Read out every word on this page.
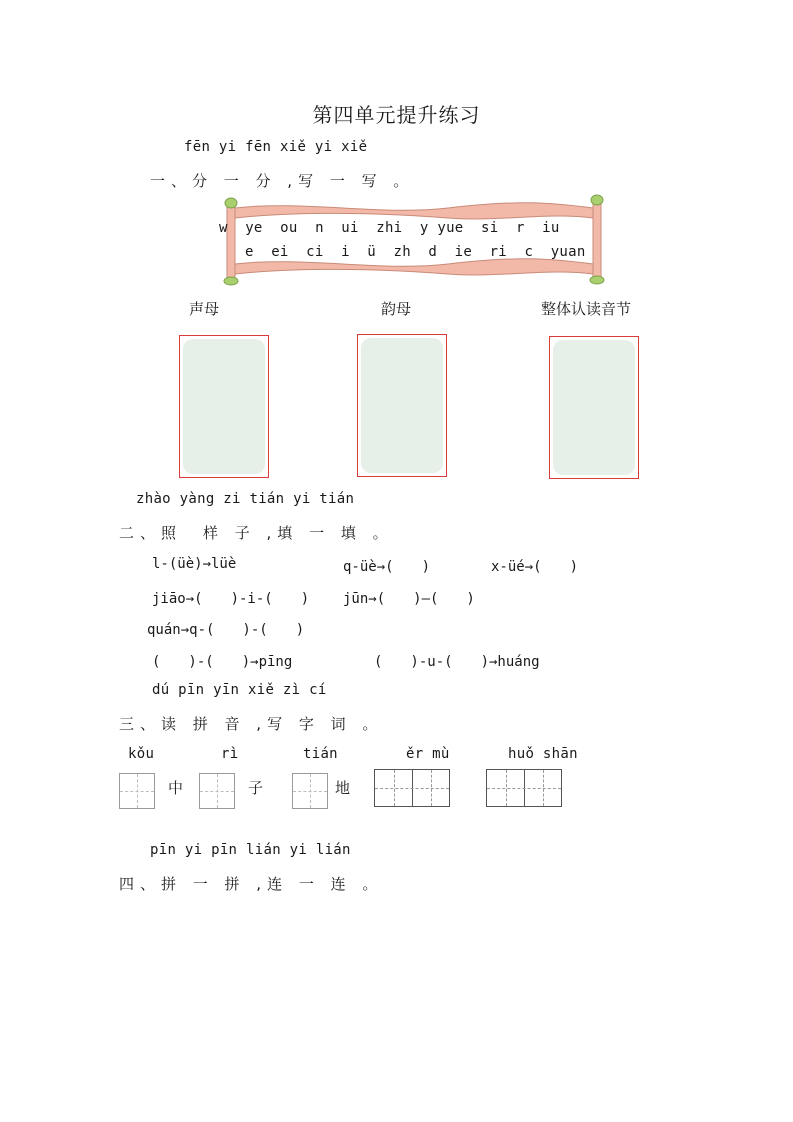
第四单元提升练习
fēn yi fēn xiě yi xiě
一、分 一 分 ,写 一 写 。
w ye ou n ui zhi y yue si r iu
e ei ci i ü zh d ie ri c yuan
声母	韵母	整体认读音节
zhào yàng zi tián yi tián
二、照　样 子 ,填 一 填 。
l-(üè)→lüè	q-üè→(　　)	x-üé→(　　)
jiāo→(　　)-i-(　　) jūn→(　　)—(　　)
quán→q-(　　)-(　　)
(　　)-(　　)→pīng	(　　)-u-(　　)→huáng
dú pīn yīn xiě zì cí
三、读 拼 音 ,写 字 词 。
kǒu	rì	tián	ěr mù	huǒ shān
中	子	地
pīn yi pīn lián yi lián
四、拼 一 拼 ,连 一 连 。
